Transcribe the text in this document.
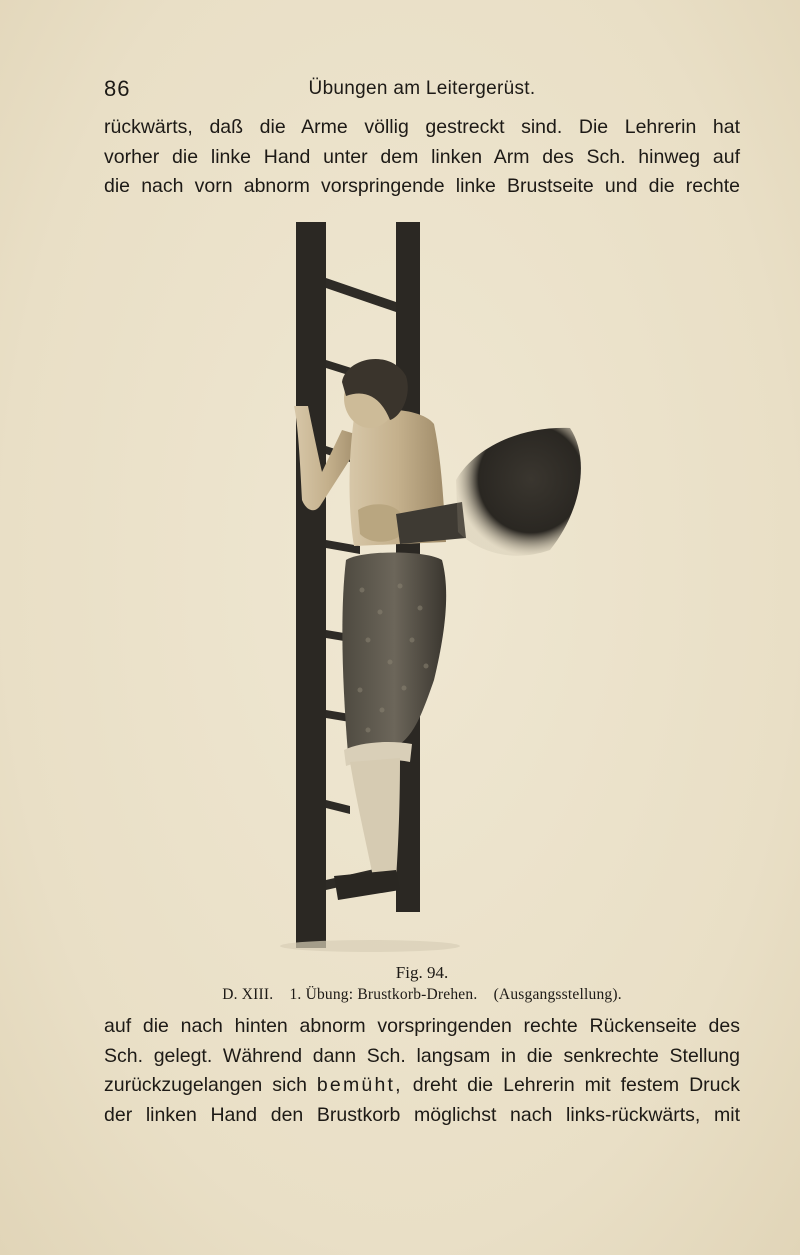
86	Übungen am Leitergerüst.
rückwärts, daß die Arme völlig gestreckt sind. Die Lehrerin hat
vorher die linke Hand unter dem linken Arm des Sch. hinweg auf
die nach vorn abnorm vorspringende linke Brustseite und die rechte
Fig. 94.
D. XIII. 1. Übung: Brustkorb-Drehen. (Ausgangsstellung).
auf die nach hinten abnorm vorspringenden rechte Rückenseite des
Sch. gelegt. Während dann Sch. langsam in die senkrechte Stellung
zurückzugelangen sich bemüht, dreht die Lehrerin mit festem Druck
der linken Hand den Brustkorb möglichst nach links-rückwärts, mit
